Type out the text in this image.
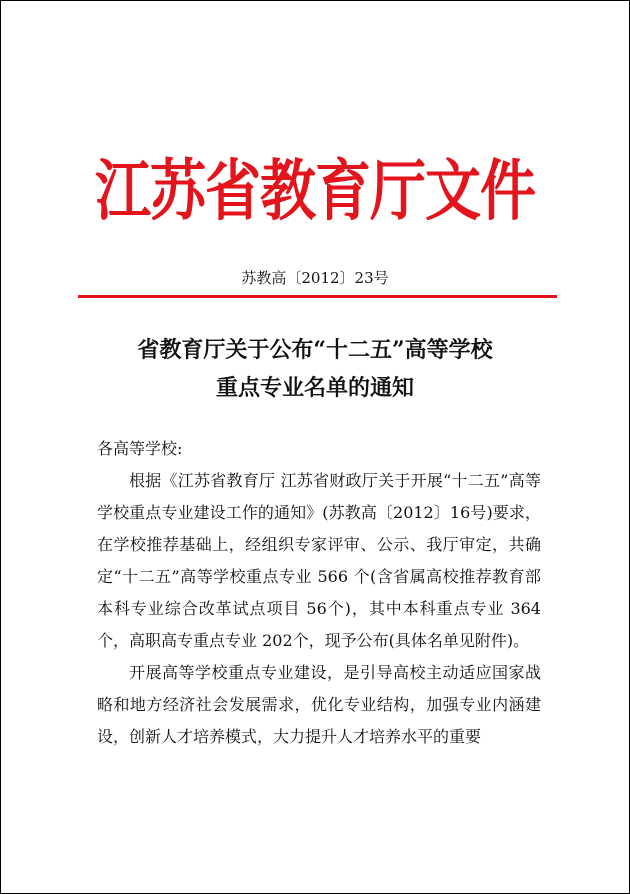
江苏省教育厅文件
苏教高〔2012〕23号
省教育厅关于公布“十二五”高等学校
重点专业名单的通知

各高等学校:

根据《江苏省教育厅 江苏省财政厅关于开展“十二五”高等学校重点专业建设工作的通知》(苏教高〔2012〕16号)要求，在学校推荐基础上，经组织专家评审、公示、我厅审定，共确定“十二五”高等学校重点专业 566 个(含省属高校推荐教育部本科专业综合改革试点项目 56个)，其中本科重点专业 364个，高职高专重点专业 202个，现予公布(具体名单见附件)。

开展高等学校重点专业建设，是引导高校主动适应国家战略和地方经济社会发展需求，优化专业结构，加强专业内涵建设，创新人才培养模式，大力提升人才培养水平的重要
